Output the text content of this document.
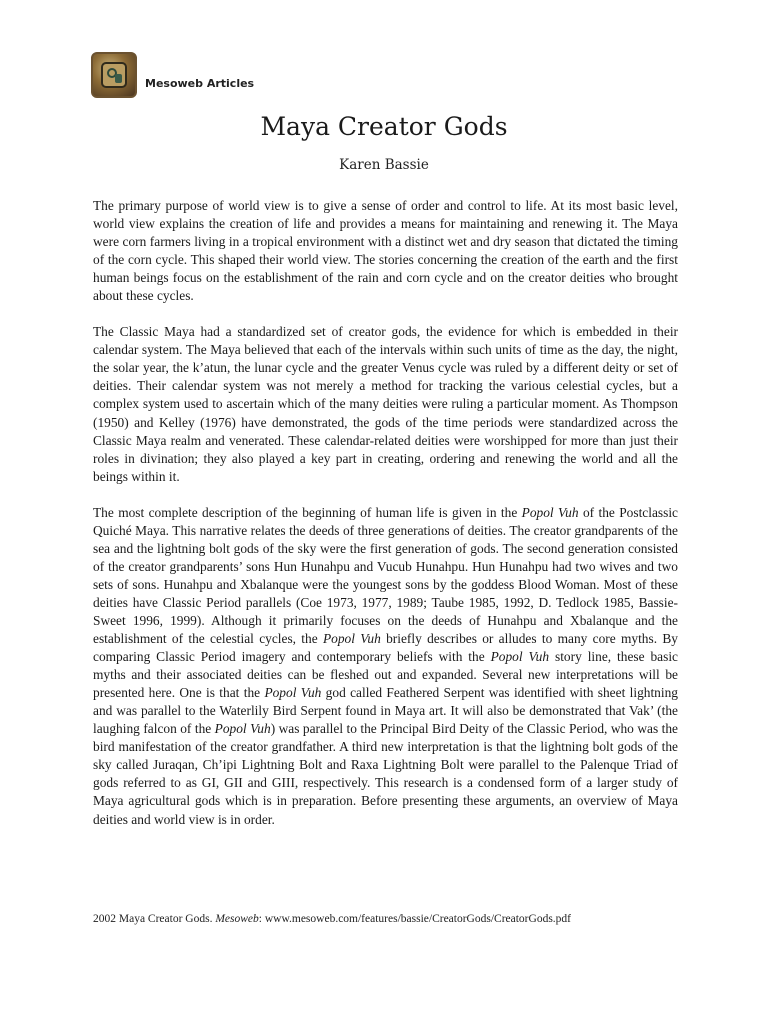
Mesoweb Articles
Maya Creator Gods
Karen Bassie

The primary purpose of world view is to give a sense of order and control to life. At its most basic level, world view explains the creation of life and provides a means for maintaining and renewing it. The Maya were corn farmers living in a tropical environment with a distinct wet and dry season that dictated the timing of the corn cycle. This shaped their world view. The stories concerning the creation of the earth and the first human beings focus on the establishment of the rain and corn cycle and on the creator deities who brought about these cycles.

The Classic Maya had a standardized set of creator gods, the evidence for which is embedded in their calendar system. The Maya believed that each of the intervals within such units of time as the day, the night, the solar year, the k’atun, the lunar cycle and the greater Venus cycle was ruled by a different deity or set of deities. Their calendar system was not merely a method for tracking the various celestial cycles, but a complex system used to ascertain which of the many deities were ruling a particular moment. As Thompson (1950) and Kelley (1976) have demonstrated, the gods of the time periods were standardized across the Classic Maya realm and venerated. These calendar-related deities were worshipped for more than just their roles in divination; they also played a key part in creating, ordering and renewing the world and all the beings within it.

The most complete description of the beginning of human life is given in the Popol Vuh of the Postclassic Quiché Maya. This narrative relates the deeds of three generations of deities. The creator grandparents of the sea and the lightning bolt gods of the sky were the first generation of gods. The second generation consisted of the creator grandparents’ sons Hun Hunahpu and Vucub Hunahpu. Hun Hunahpu had two wives and two sets of sons. Hunahpu and Xbalanque were the youngest sons by the goddess Blood Woman. Most of these deities have Classic Period parallels (Coe 1973, 1977, 1989; Taube 1985, 1992, D. Tedlock 1985, Bassie-Sweet 1996, 1999). Although it primarily focuses on the deeds of Hunahpu and Xbalanque and the establishment of the celestial cycles, the Popol Vuh briefly describes or alludes to many core myths. By comparing Classic Period imagery and contemporary beliefs with the Popol Vuh story line, these basic myths and their associated deities can be fleshed out and expanded. Several new interpretations will be presented here. One is that the Popol Vuh god called Feathered Serpent was identified with sheet lightning and was parallel to the Waterlily Bird Serpent found in Maya art. It will also be demonstrated that Vak’ (the laughing falcon of the Popol Vuh) was parallel to the Principal Bird Deity of the Classic Period, who was the bird manifestation of the creator grandfather. A third new interpretation is that the lightning bolt gods of the sky called Juraqan, Ch’ipi Lightning Bolt and Raxa Lightning Bolt were parallel to the Palenque Triad of gods referred to as GI, GII and GIII, respectively. This research is a condensed form of a larger study of Maya agricultural gods which is in preparation. Before presenting these arguments, an overview of Maya deities and world view is in order.

2002 Maya Creator Gods. Mesoweb: www.mesoweb.com/features/bassie/CreatorGods/CreatorGods.pdf
